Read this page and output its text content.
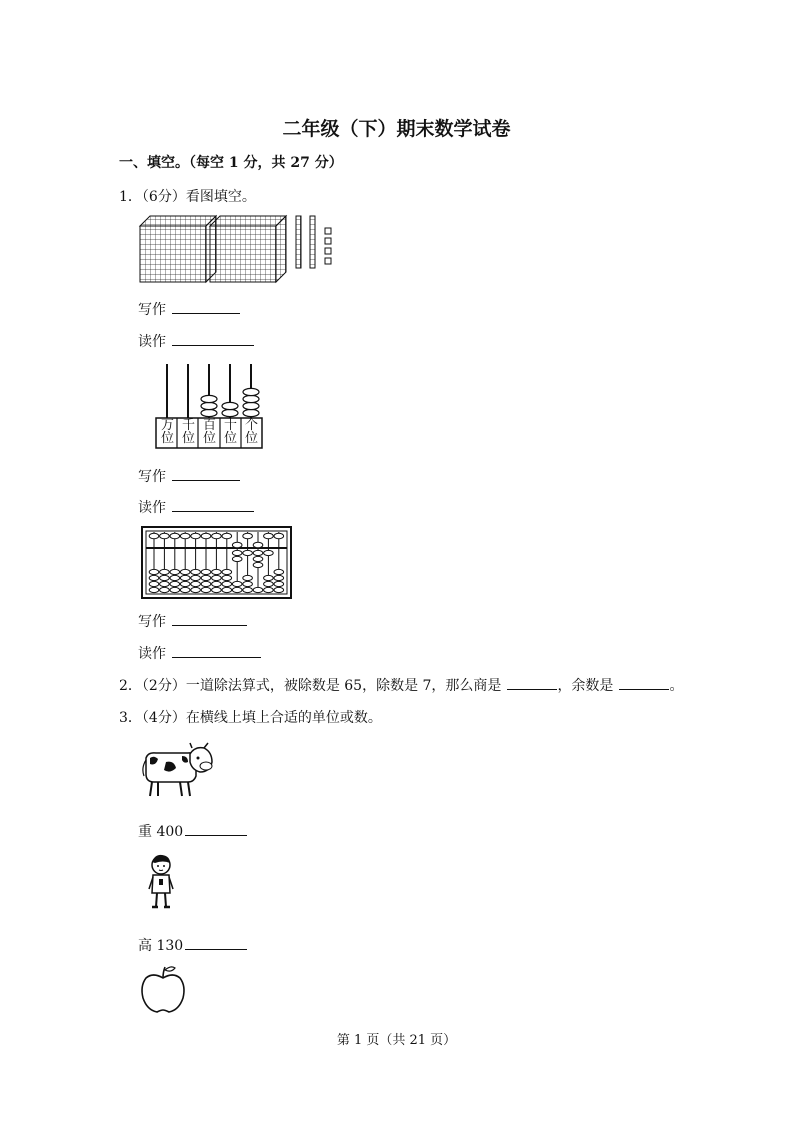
二年级（下）期末数学试卷
一、填空。（每空 1 分，共 27 分）
1．（6分）看图填空。
写作
读作
万位
千位
百位
十位
个位
写作
读作
写作
读作
2．（2分）一道除法算式，被除数是 65，除数是 7，那么商是	，余数是	。
3．（4分）在横线上填上合适的单位或数。
重 400
高 130
第 1 页（共 21 页）
